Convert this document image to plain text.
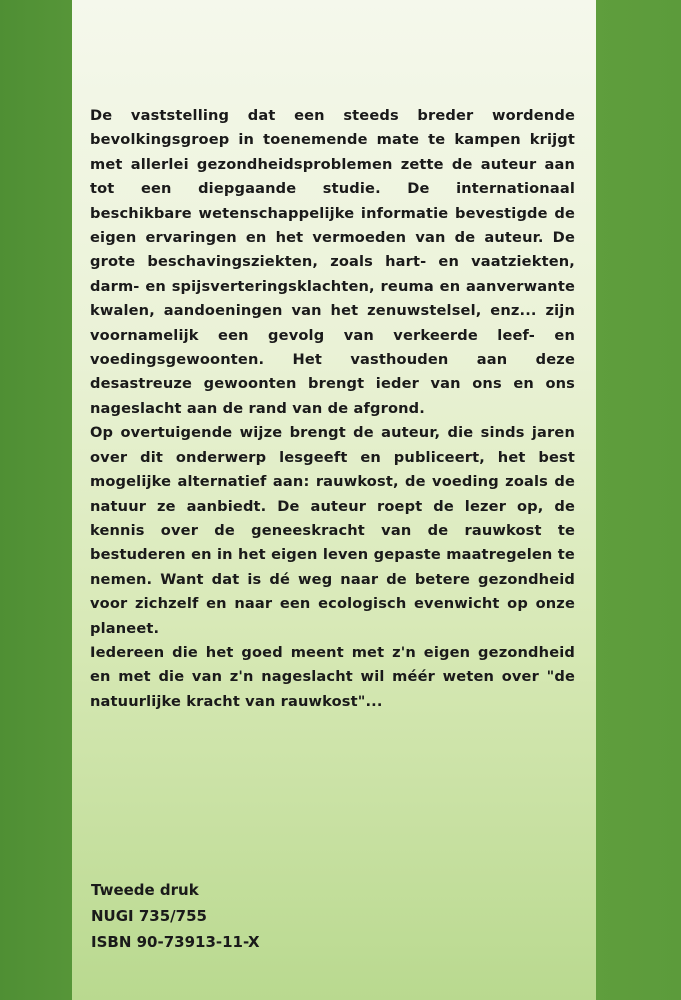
De vaststelling dat een steeds breder wordende bevolkingsgroep in toenemende mate te kampen krijgt met allerlei gezondheidsproblemen zette de auteur aan tot een diepgaande studie. De internationaal beschikbare wetenschappelijke informatie bevestigde de eigen ervaringen en het vermoeden van de auteur. De grote beschavingsziekten, zoals hart- en vaatziekten, darm- en spijsverteringsklachten, reuma en aanverwante kwalen, aandoeningen van het zenuwstelsel, enz... zijn voornamelijk een gevolg van verkeerde leef- en voedingsgewoonten. Het vasthouden aan deze desastreuze gewoonten brengt ieder van ons en ons nageslacht aan de rand van de afgrond.

Op overtuigende wijze brengt de auteur, die sinds jaren over dit onderwerp lesgeeft en publiceert, het best mogelijke alternatief aan: rauwkost, de voeding zoals de natuur ze aanbiedt. De auteur roept de lezer op, de kennis over de geneeskracht van de rauwkost te bestuderen en in het eigen leven gepaste maatregelen te nemen. Want dat is dé weg naar de betere gezondheid voor zichzelf en naar een ecologisch evenwicht op onze planeet.

Iedereen die het goed meent met z'n eigen gezondheid en met die van z'n nageslacht wil méér weten over "de natuurlijke kracht van rauwkost"...

Tweede druk
NUGI 735/755
ISBN 90-73913-11-X
